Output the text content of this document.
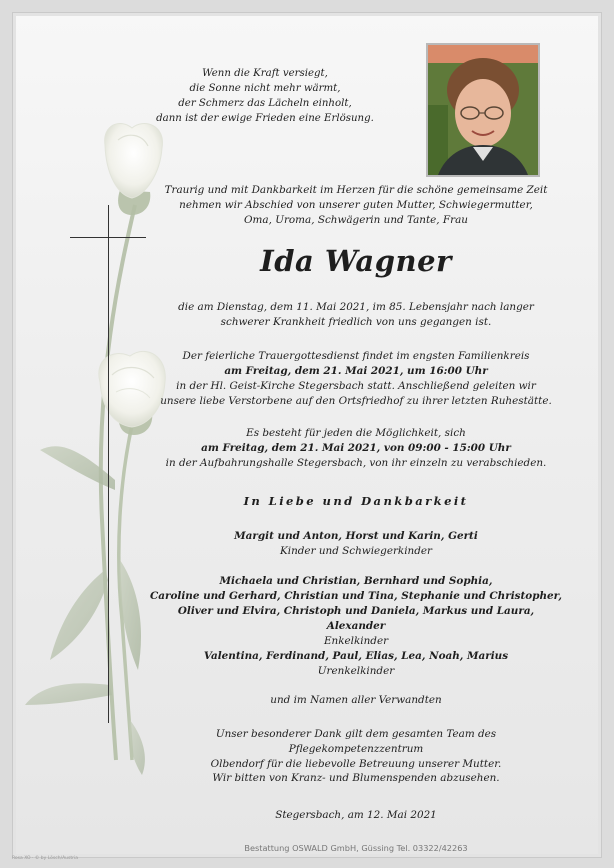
Wenn die Kraft versiegt,
die Sonne nicht mehr wärmt,
der Schmerz das Lächeln einholt,
dann ist der ewige Frieden eine Erlösung.
Traurig und mit Dankbarkeit im Herzen für die schöne gemeinsame Zeit
nehmen wir Abschied von unserer guten Mutter, Schwiegermutter,
Oma, Uroma, Schwägerin und Tante, Frau
Ida Wagner
die am Dienstag, dem 11. Mai 2021, im 85. Lebensjahr nach langer
schwerer Krankheit friedlich von uns gegangen ist.
Der feierliche Trauergottesdienst findet im engsten Familienkreis
am Freitag, dem 21. Mai 2021, um 16:00 Uhr
in der Hl. Geist-Kirche Stegersbach statt. Anschließend geleiten wir
unsere liebe Verstorbene auf den Ortsfriedhof zu ihrer letzten Ruhestätte.
Es besteht für jeden die Möglichkeit, sich
am Freitag, dem 21. Mai 2021, von 09:00 - 15:00 Uhr
in der Aufbahrungshalle Stegersbach, von ihr einzeln zu verabschieden.
In Liebe und Dankbarkeit
Margit und Anton, Horst und Karin, Gerti
Kinder und Schwiegerkinder
Michaela und Christian, Bernhard und Sophia,
Caroline und Gerhard, Christian und Tina, Stephanie und Christopher,
Oliver und Elvira, Christoph und Daniela, Markus und Laura, Alexander
Enkelkinder
Valentina, Ferdinand, Paul, Elias, Lea, Noah, Marius
Urenkelkinder
und im Namen aller Verwandten
Unser besonderer Dank gilt dem gesamten Team des Pflegekompetenzzentrum
Olbendorf für die liebevolle Betreuung unserer Mutter.
Wir bitten von Kranz- und Blumenspenden abzusehen.
Stegersbach, am 12. Mai 2021
Bestattung OSWALD GmbH, Güssing Tel. 03322/42263
Rosa XO · © by Lösch/Austria
